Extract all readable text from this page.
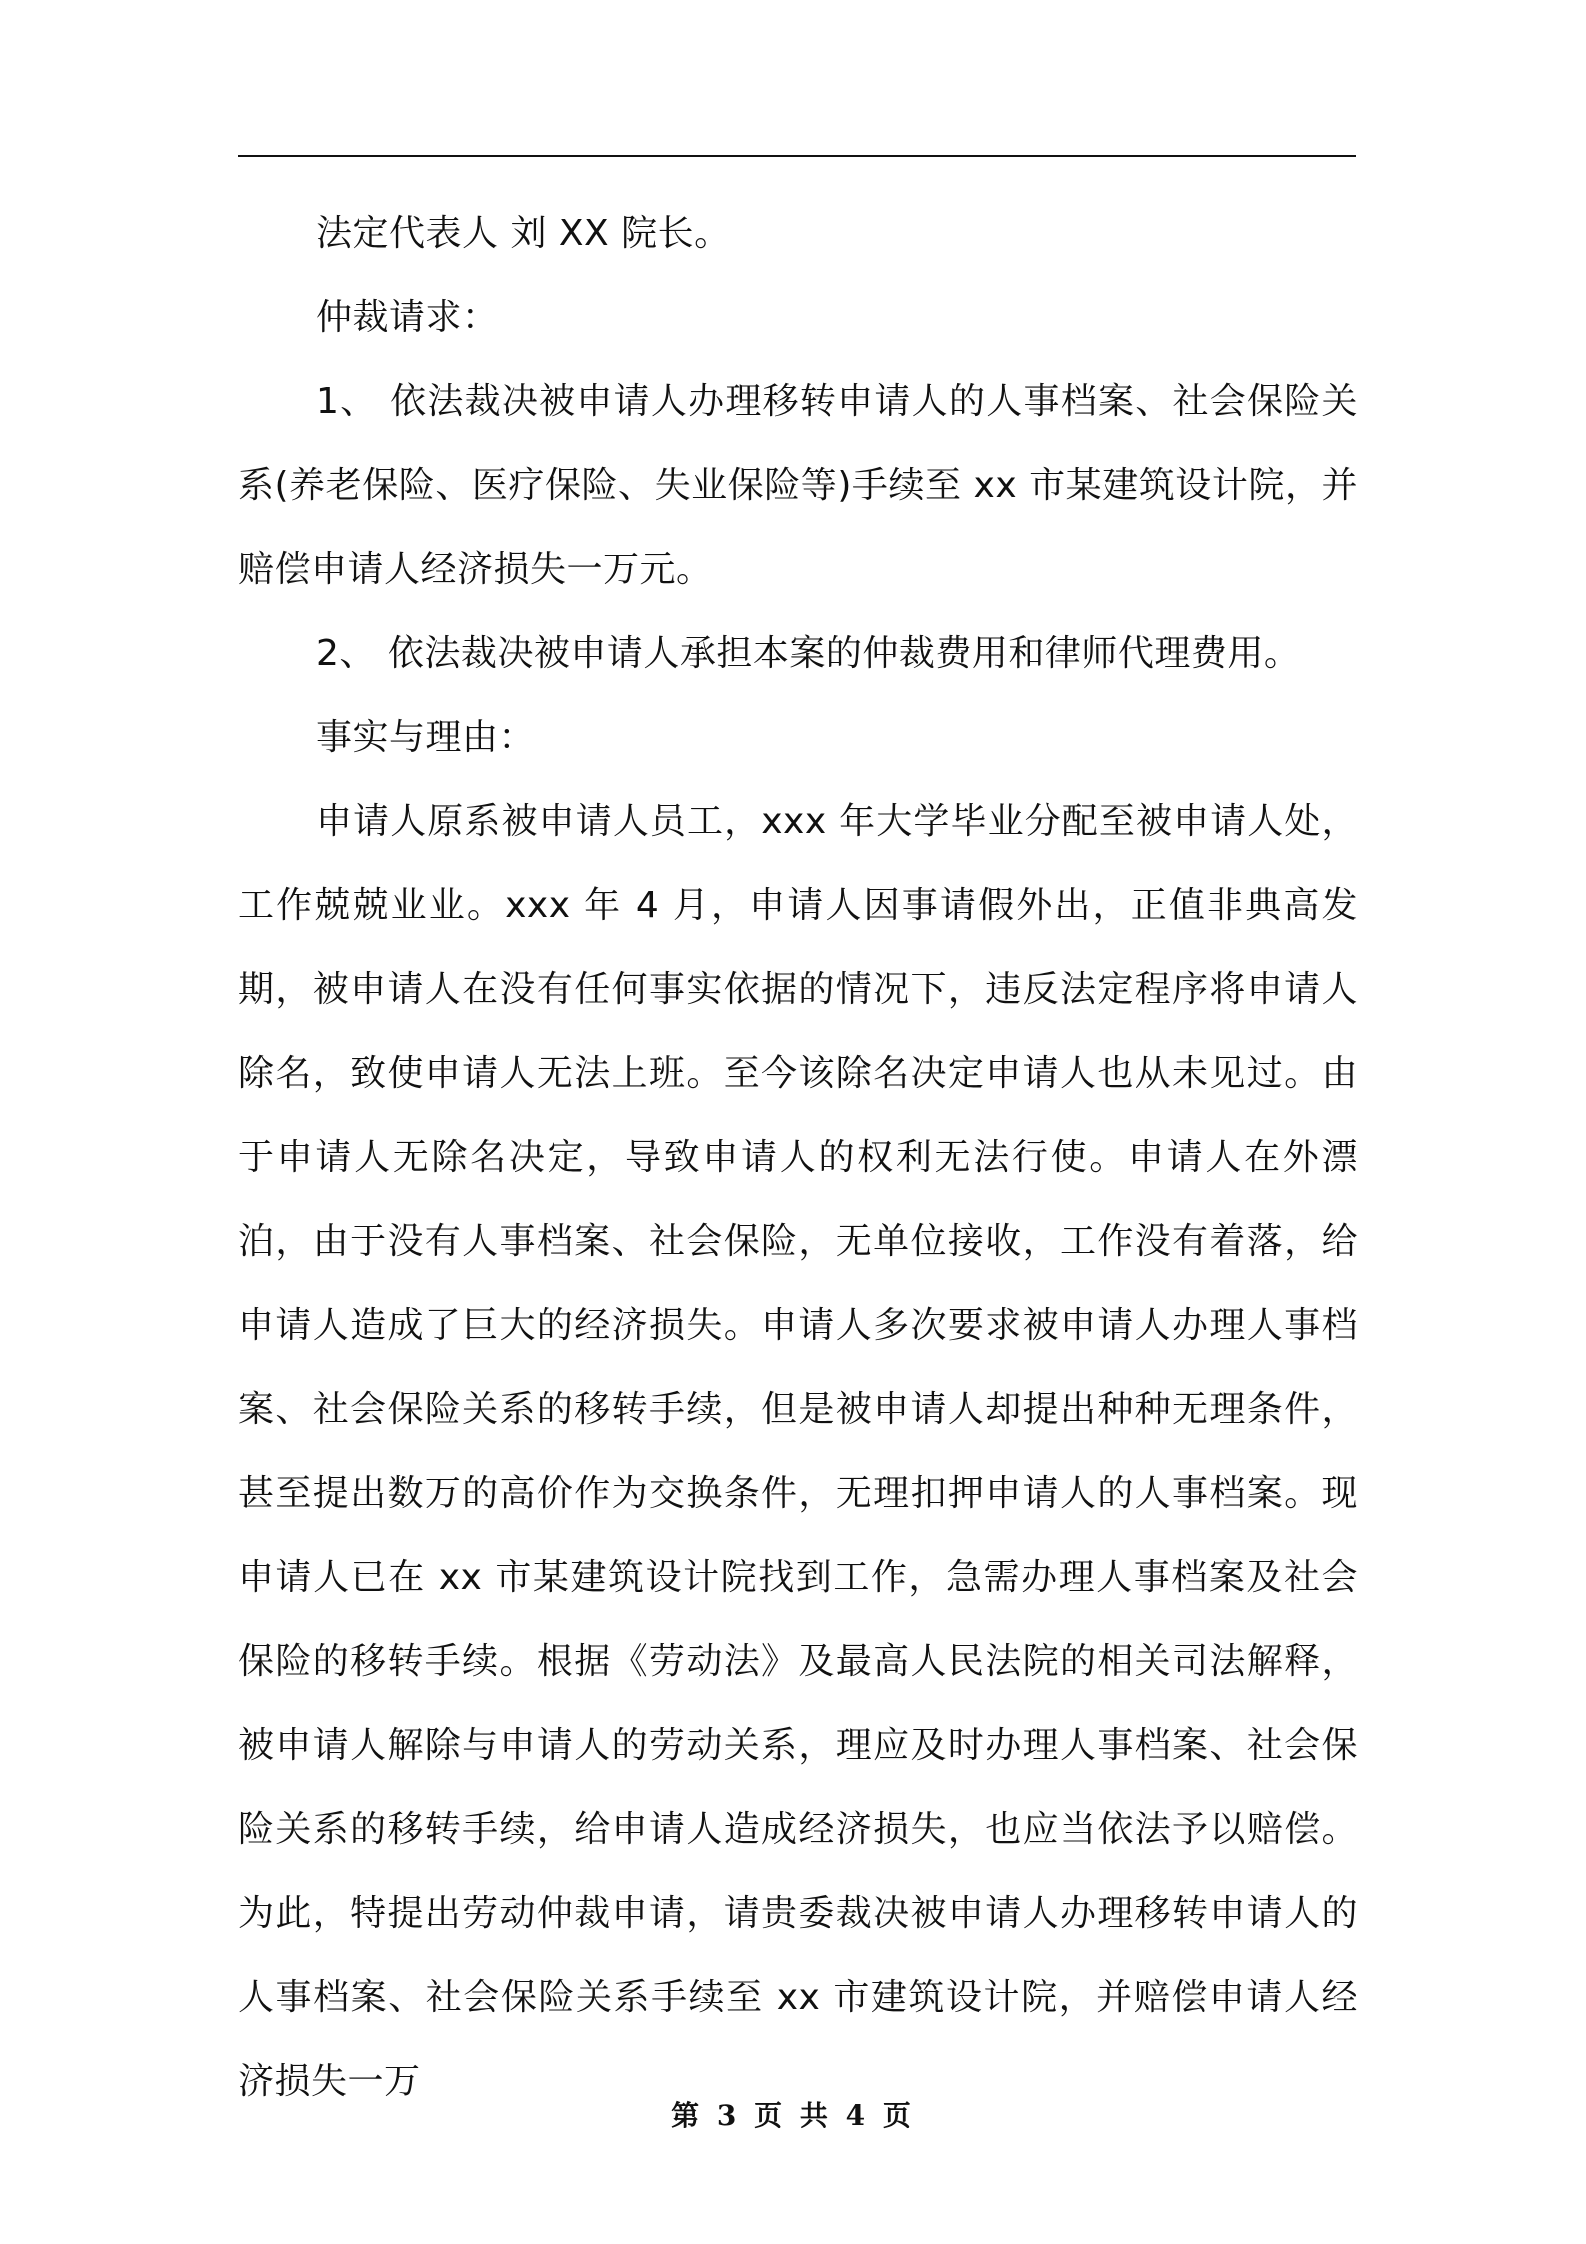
法定代表人 刘 XX 院长。

仲裁请求：

1、 依法裁决被申请人办理移转申请人的人事档案、社会保险关系(养老保险、医疗保险、失业保险等)手续至 xx 市某建筑设计院，并赔偿申请人经济损失一万元。

2、 依法裁决被申请人承担本案的仲裁费用和律师代理费用。

事实与理由：

申请人原系被申请人员工，xxx 年大学毕业分配至被申请人处，工作兢兢业业。xxx 年 4 月，申请人因事请假外出，正值非典高发期，被申请人在没有任何事实依据的情况下，违反法定程序将申请人除名，致使申请人无法上班。至今该除名决定申请人也从未见过。由于申请人无除名决定，导致申请人的权利无法行使。申请人在外漂泊，由于没有人事档案、社会保险，无单位接收，工作没有着落，给申请人造成了巨大的经济损失。申请人多次要求被申请人办理人事档案、社会保险关系的移转手续，但是被申请人却提出种种无理条件，甚至提出数万的高价作为交换条件，无理扣押申请人的人事档案。现申请人已在 xx 市某建筑设计院找到工作，急需办理人事档案及社会保险的移转手续。根据《劳动法》及最高人民法院的相关司法解释，被申请人解除与申请人的劳动关系，理应及时办理人事档案、社会保险关系的移转手续，给申请人造成经济损失，也应当依法予以赔偿。为此，特提出劳动仲裁申请，请贵委裁决被申请人办理移转申请人的人事档案、社会保险关系手续至 xx 市建筑设计院，并赔偿申请人经济损失一万

第 3 页 共 4 页
